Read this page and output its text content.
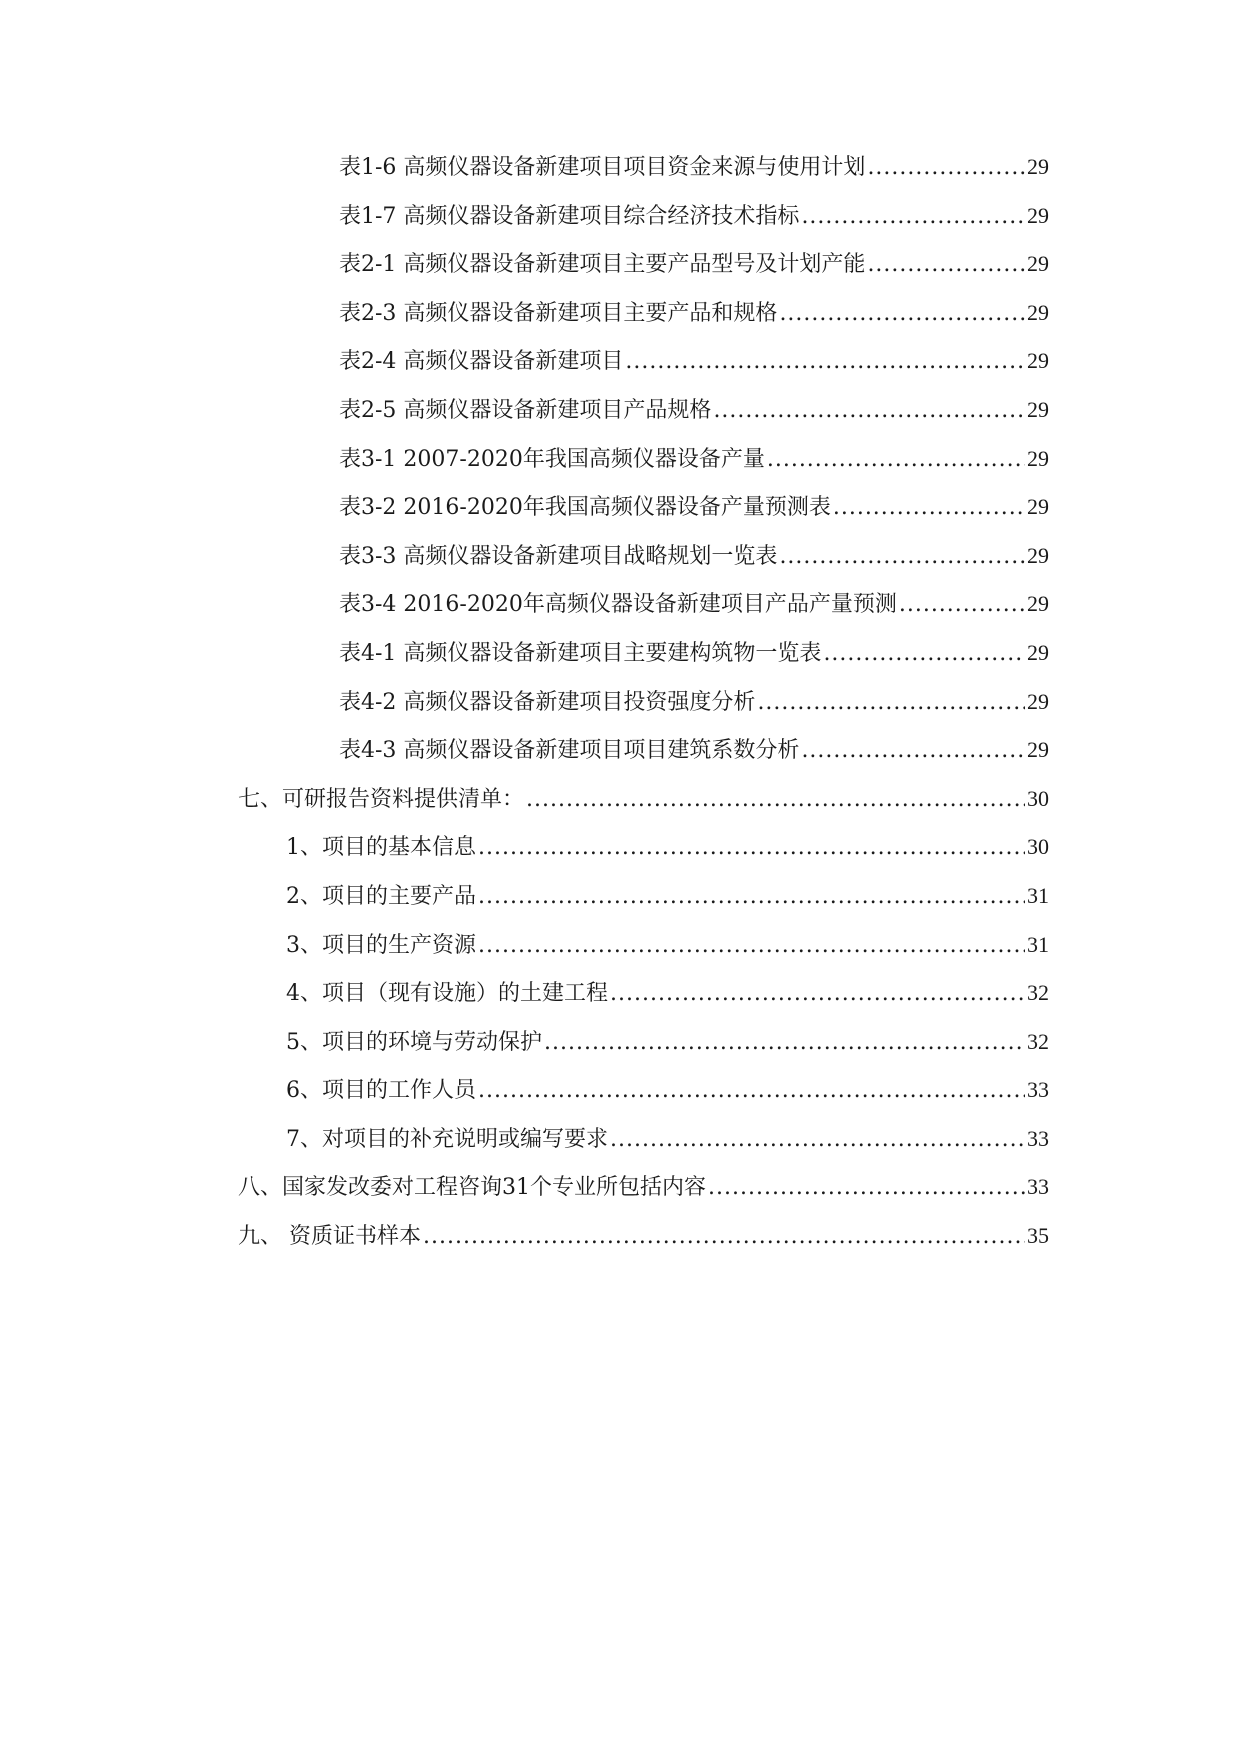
表1-6 高频仪器设备新建项目项目资金来源与使用计划 .....	29
表1-7 高频仪器设备新建项目综合经济技术指标 .....	29
表2-1 高频仪器设备新建项目主要产品型号及计划产能 .....	29
表2-3 高频仪器设备新建项目主要产品和规格 .....	29
表2-4 高频仪器设备新建项目 .....	29
表2-5 高频仪器设备新建项目产品规格 .....	29
表3-1 2007-2020年我国高频仪器设备产量 .....	29
表3-2 2016-2020年我国高频仪器设备产量预测表 .....	29
表3-3 高频仪器设备新建项目战略规划一览表 .....	29
表3-4 2016-2020年高频仪器设备新建项目产品产量预测 .....	29
表4-1 高频仪器设备新建项目主要建构筑物一览表 .....	29
表4-2 高频仪器设备新建项目投资强度分析 .....	29
表4-3 高频仪器设备新建项目项目建筑系数分析 .....	29
七、可研报告资料提供清单： .....	30
1、项目的基本信息 .....	30
2、项目的主要产品 .....	31
3、项目的生产资源 .....	31
4、项目（现有设施）的土建工程 .....	32
5、项目的环境与劳动保护 .....	32
6、项目的工作人员 .....	33
7、对项目的补充说明或编写要求 .....	33
八、国家发改委对工程咨询31个专业所包括内容 .....	33
九、 资质证书样本 .....	35
